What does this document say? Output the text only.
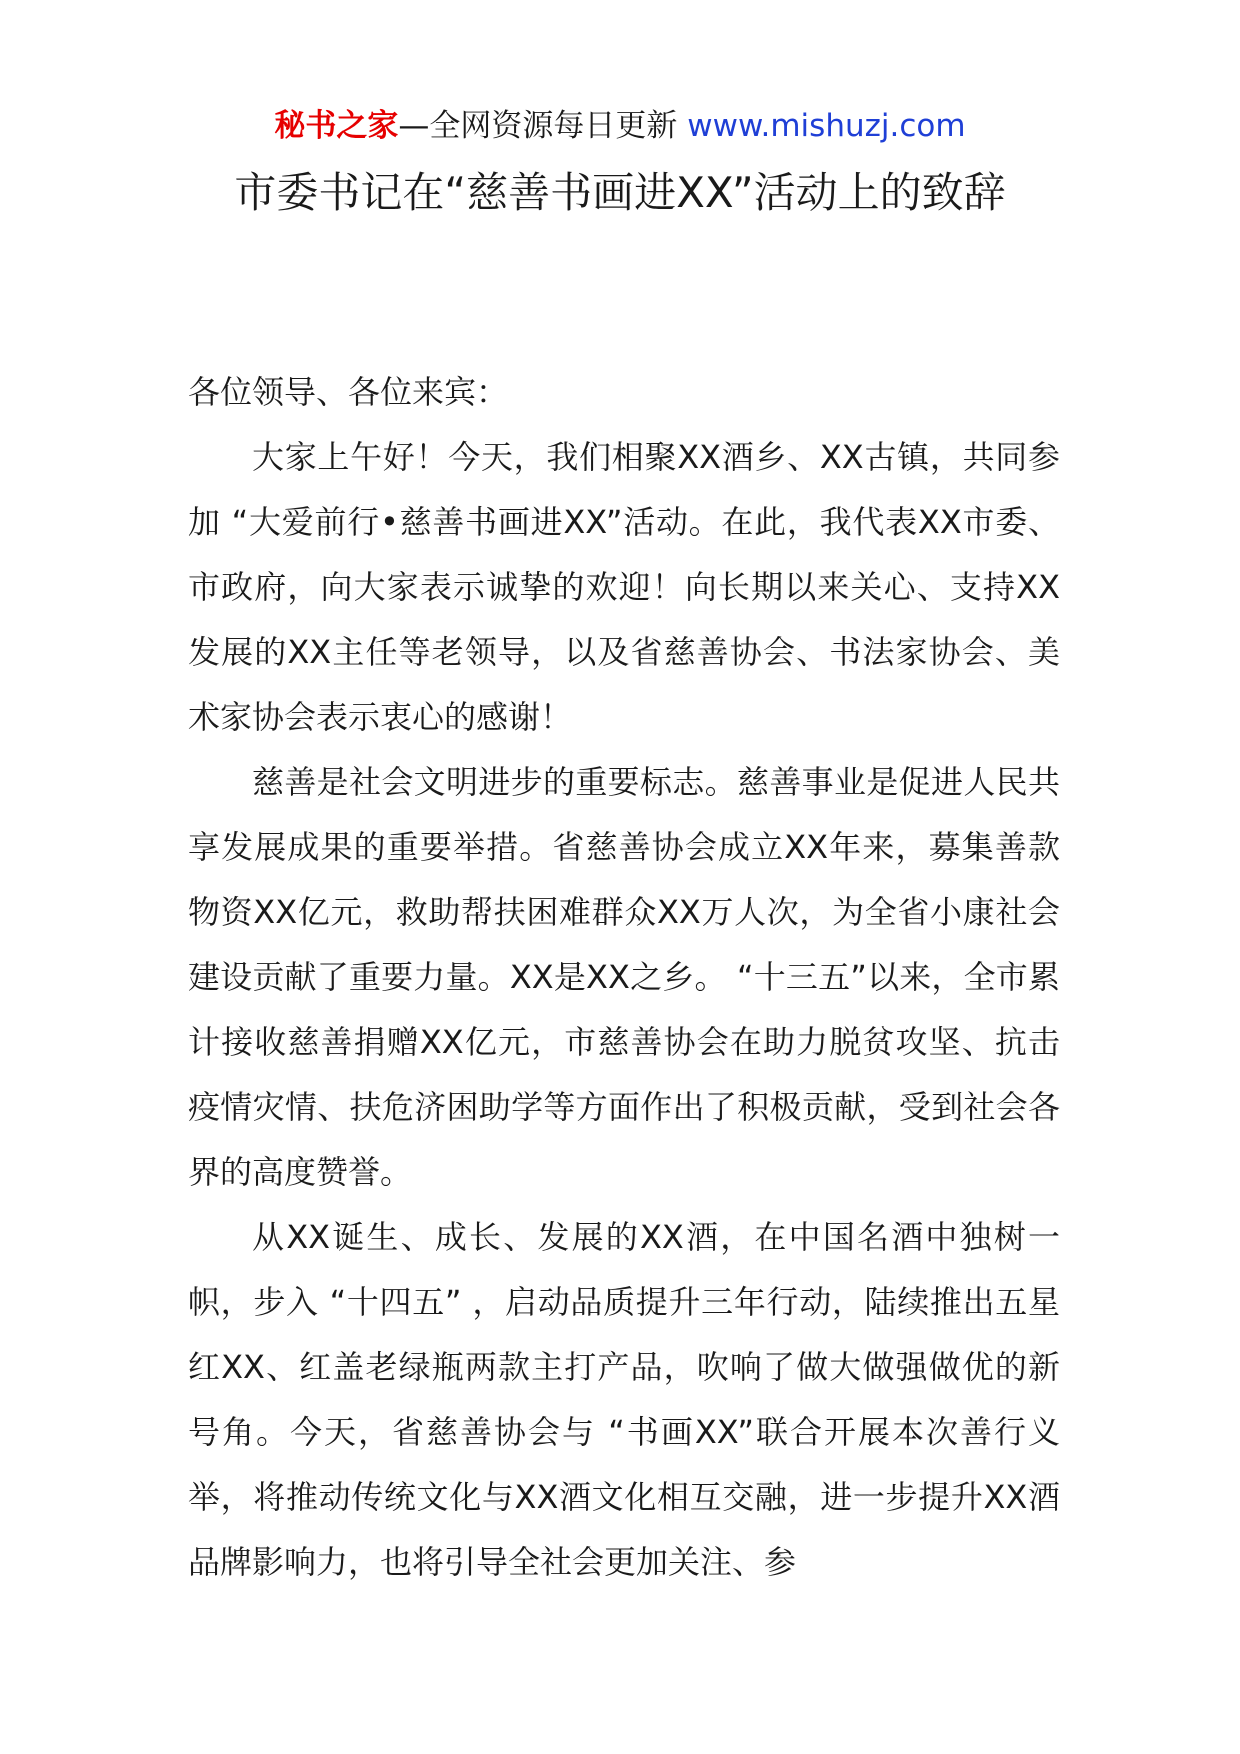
秘书之家—全网资源每日更新 www.mishuzj.com
市委书记在“慈善书画进XX”活动上的致辞

各位领导、各位来宾：

大家上午好！今天，我们相聚XX酒乡、XX古镇，共同参加 “大爱前行•慈善书画进XX”活动。在此，我代表XX市委、市政府，向大家表示诚挚的欢迎！向长期以来关心、支持XX发展的XX主任等老领导，以及省慈善协会、书法家协会、美术家协会表示衷心的感谢！

慈善是社会文明进步的重要标志。慈善事业是促进人民共享发展成果的重要举措。省慈善协会成立XX年来，募集善款物资XX亿元，救助帮扶困难群众XX万人次，为全省小康社会建设贡献了重要力量。XX是XX之乡。 “十三五”以来，全市累计接收慈善捐赠XX亿元，市慈善协会在助力脱贫攻坚、抗击疫情灾情、扶危济困助学等方面作出了积极贡献，受到社会各界的高度赞誉。

从XX诞生、成长、发展的XX酒，在中国名酒中独树一帜，步入 “十四五” ，启动品质提升三年行动，陆续推出五星红XX、红盖老绿瓶两款主打产品，吹响了做大做强做优的新号角。今天，省慈善协会与 “书画XX”联合开展本次善行义举，将推动传统文化与XX酒文化相互交融，进一步提升XX酒品牌影响力，也将引导全社会更加关注、参
